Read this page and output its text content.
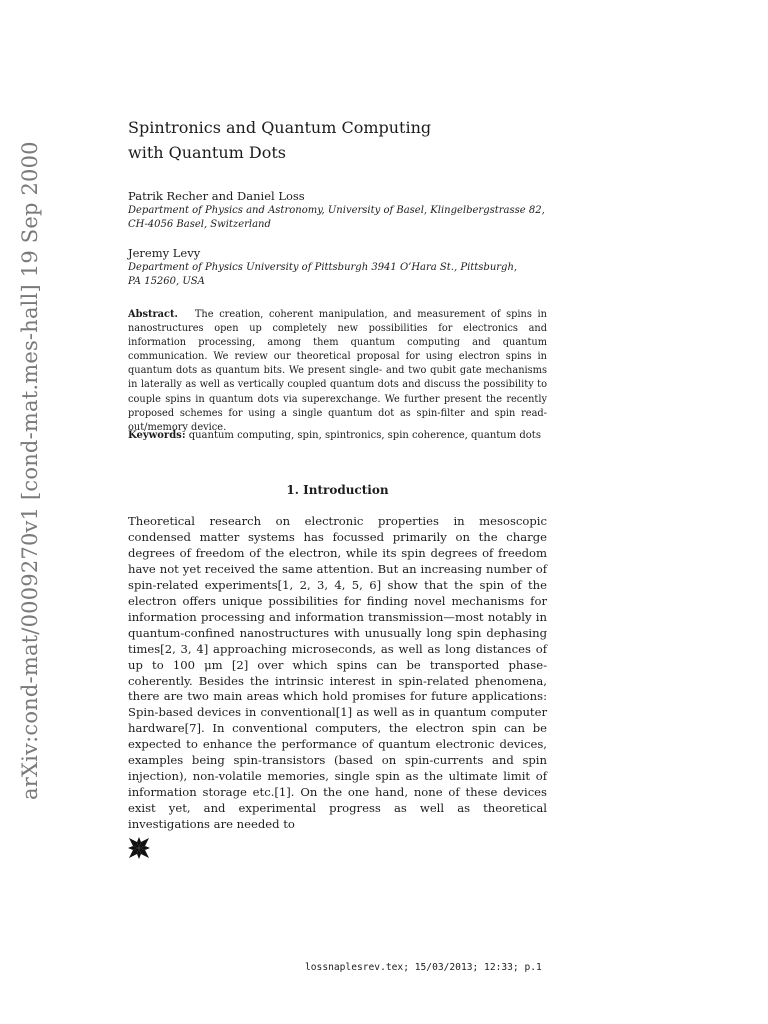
arXiv:cond-mat/0009270v1 [cond-mat.mes-hall] 19 Sep 2000
Spintronics and Quantum Computing
with Quantum Dots
Patrik Recher and Daniel Loss
Department of Physics and Astronomy, University of Basel, Klingelbergstrasse 82,
CH-4056 Basel, Switzerland
Jeremy Levy
Department of Physics University of Pittsburgh 3941 O’Hara St., Pittsburgh,
PA 15260, USA
Abstract. The creation, coherent manipulation, and measurement of spins in nanostructures open up completely new possibilities for electronics and information processing, among them quantum computing and quantum communication. We review our theoretical proposal for using electron spins in quantum dots as quantum bits. We present single- and two qubit gate mechanisms in laterally as well as vertically coupled quantum dots and discuss the possibility to couple spins in quantum dots via superexchange. We further present the recently proposed schemes for using a single quantum dot as spin-filter and spin read-out/memory device.
Keywords: quantum computing, spin, spintronics, spin coherence, quantum dots
1. Introduction
Theoretical research on electronic properties in mesoscopic condensed matter systems has focussed primarily on the charge degrees of freedom of the electron, while its spin degrees of freedom have not yet received the same attention. But an increasing number of spin-related experiments[1, 2, 3, 4, 5, 6] show that the spin of the electron offers unique possibilities for finding novel mechanisms for information processing and information transmission—most notably in quantum-confined nanostructures with unusually long spin dephasing times[2, 3, 4] approaching microseconds, as well as long distances of up to 100 μm [2] over which spins can be transported phase-coherently. Besides the intrinsic interest in spin-related phenomena, there are two main areas which hold promises for future applications: Spin-based devices in conventional[1] as well as in quantum computer hardware[7]. In conventional computers, the electron spin can be expected to enhance the performance of quantum electronic devices, examples being spin-transistors (based on spin-currents and spin injection), non-volatile memories, single spin as the ultimate limit of information storage etc.[1]. On the one hand, none of these devices exist yet, and experimental progress as well as theoretical investigations are needed to
lossnaplesrev.tex; 15/03/2013; 12:33; p.1
